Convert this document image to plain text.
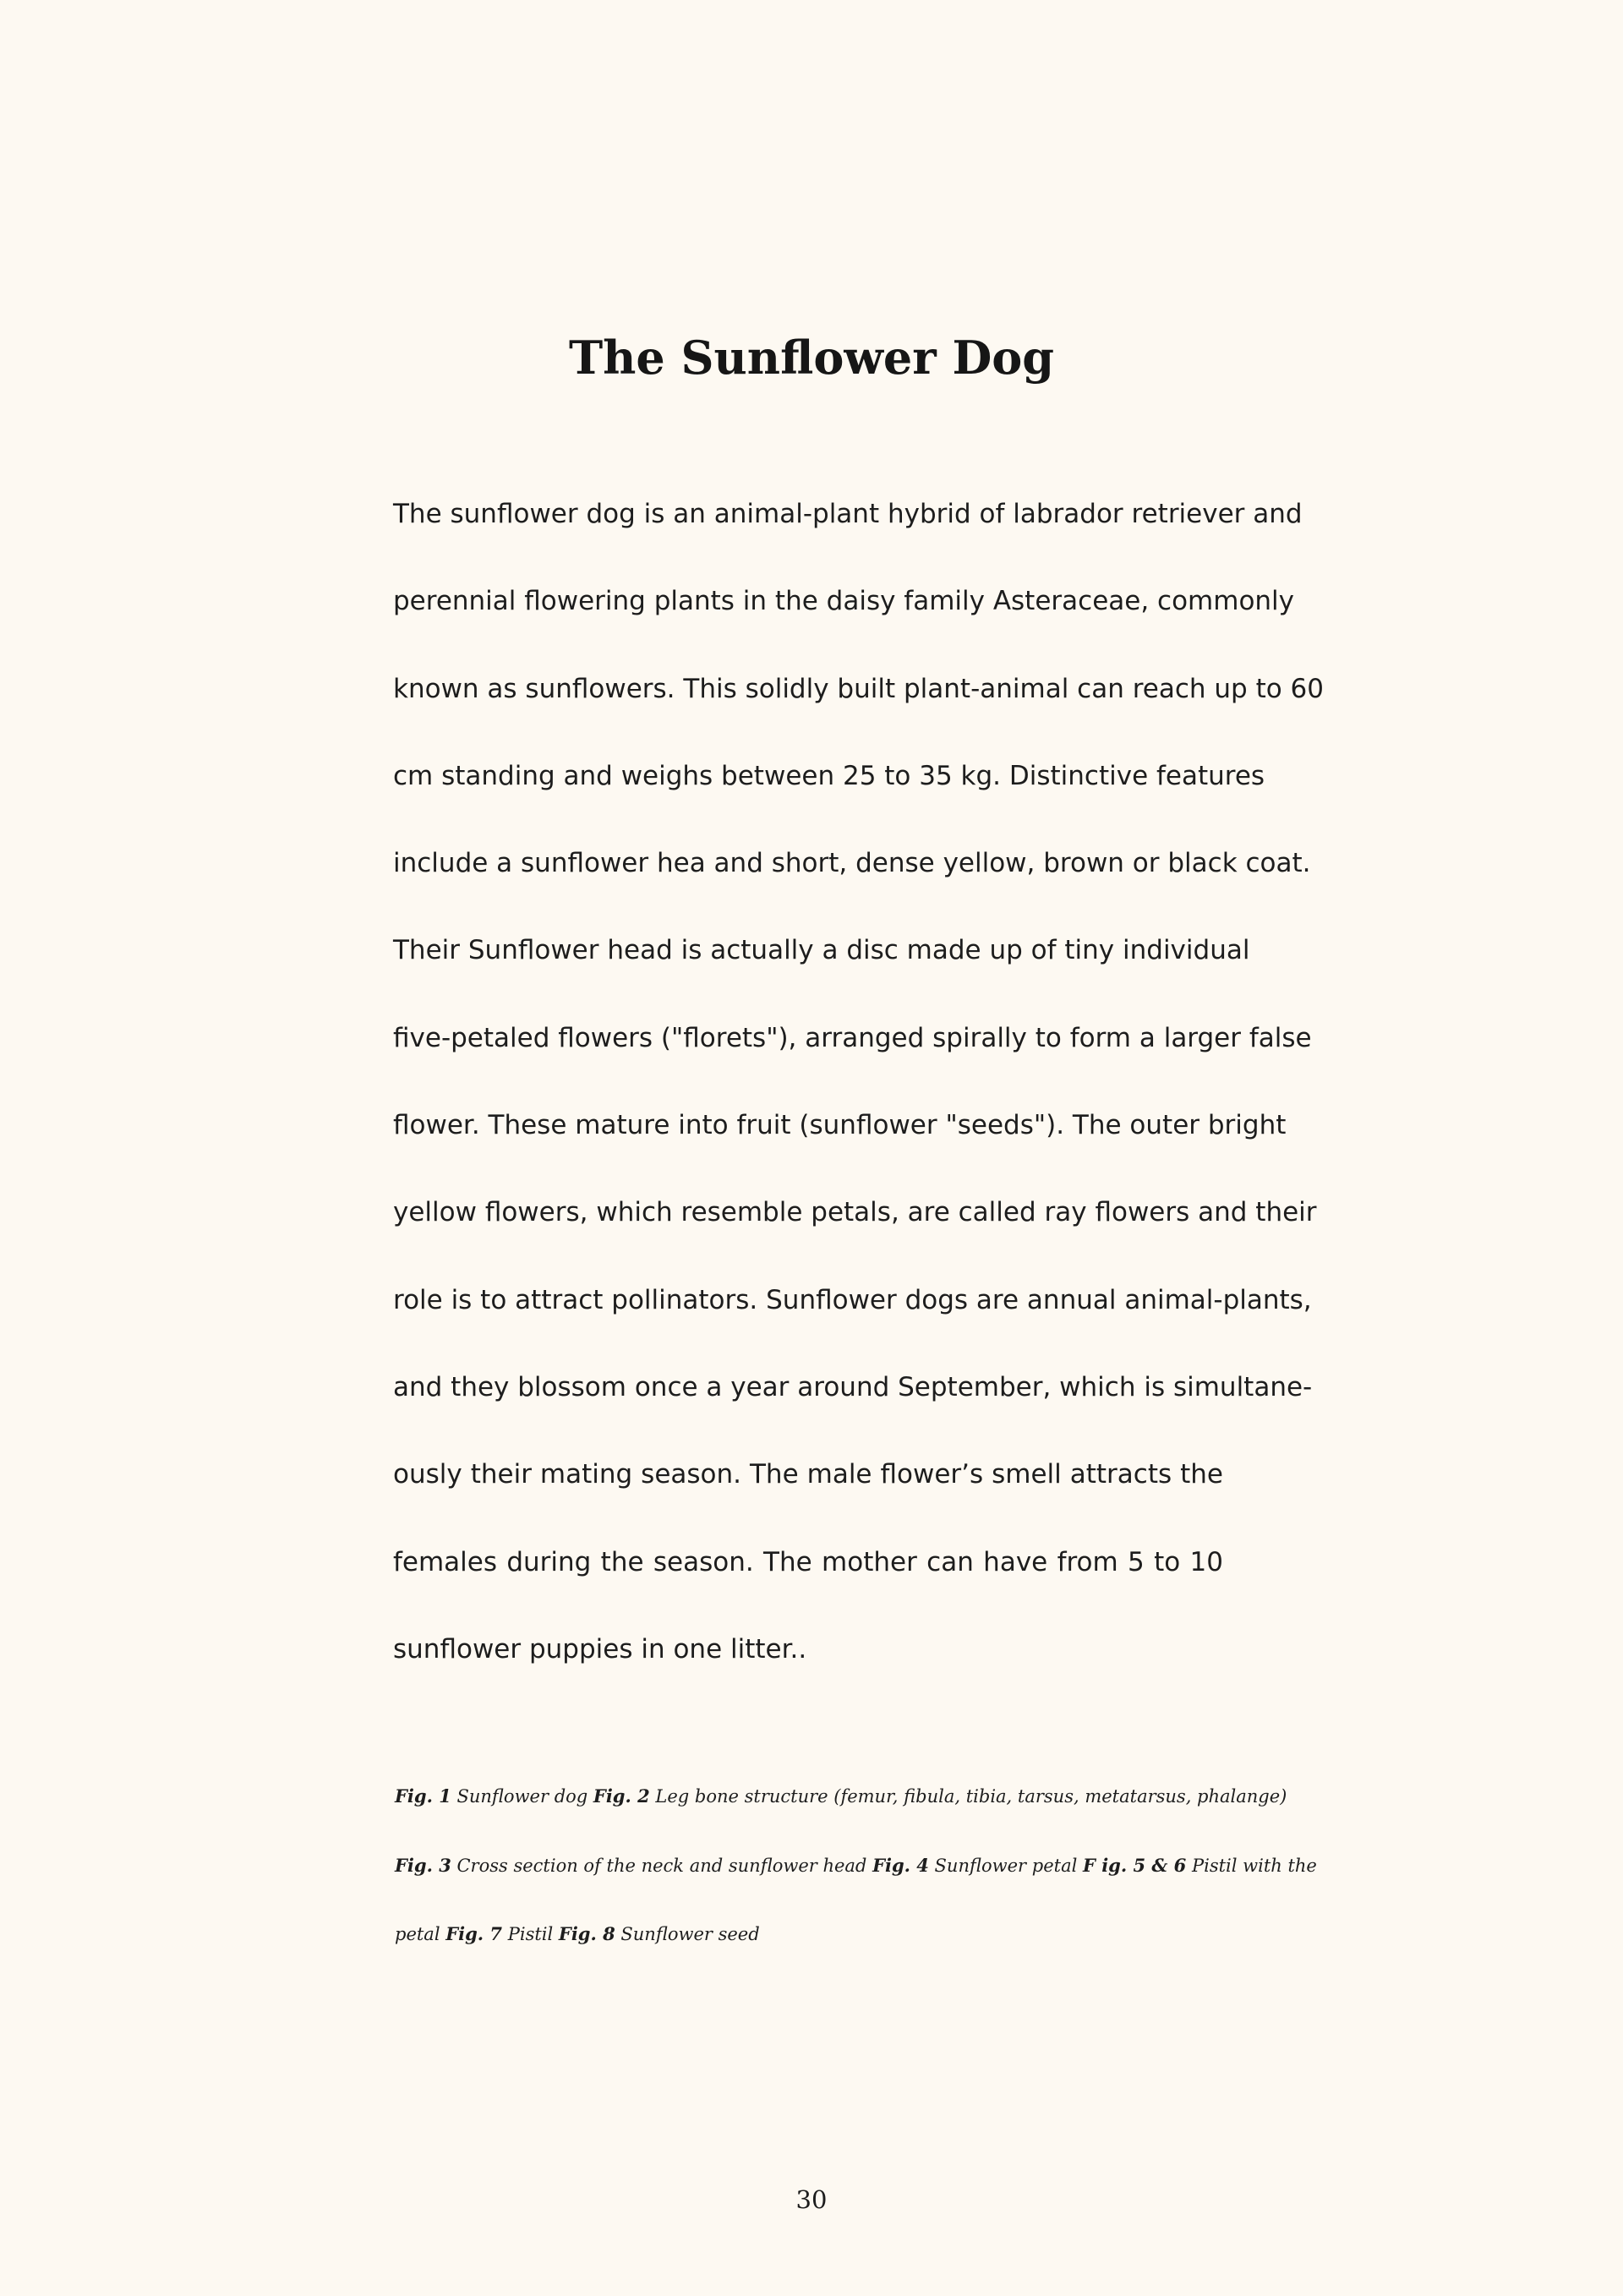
The Sunflower Dog
The sunflower dog is an animal-plant hybrid of labrador retriever and
perennial flowering plants in the daisy family Asteraceae, commonly
known as sunflowers. This solidly built plant-animal can reach up to 60
cm standing and weighs between 25 to 35 kg. Distinctive features
include a sunflower hea and short, dense yellow, brown or black coat.
Their Sunflower head is actually a disc made up of tiny individual
five-petaled flowers ("florets"), arranged spirally to form a larger false
flower. These mature into fruit (sunflower "seeds"). The outer bright
yellow flowers, which resemble petals, are called ray flowers and their
role is to attract pollinators. Sunflower dogs are annual animal-plants,
and they blossom once a year around September, which is simultane-
ously their mating season. The male flower’s smell attracts the
females during the season. The mother can have from 5 to 10
sunflower puppies in one litter..
Fig. 1 Sunflower dog Fig. 2 Leg bone structure (femur, fibula, tibia, tarsus, metatarsus, phalange)
Fig. 3 Cross section of the neck and sunflower head Fig. 4 Sunflower petal F ig. 5 & 6 Pistil with the
petal Fig. 7 Pistil Fig. 8 Sunflower seed
30
